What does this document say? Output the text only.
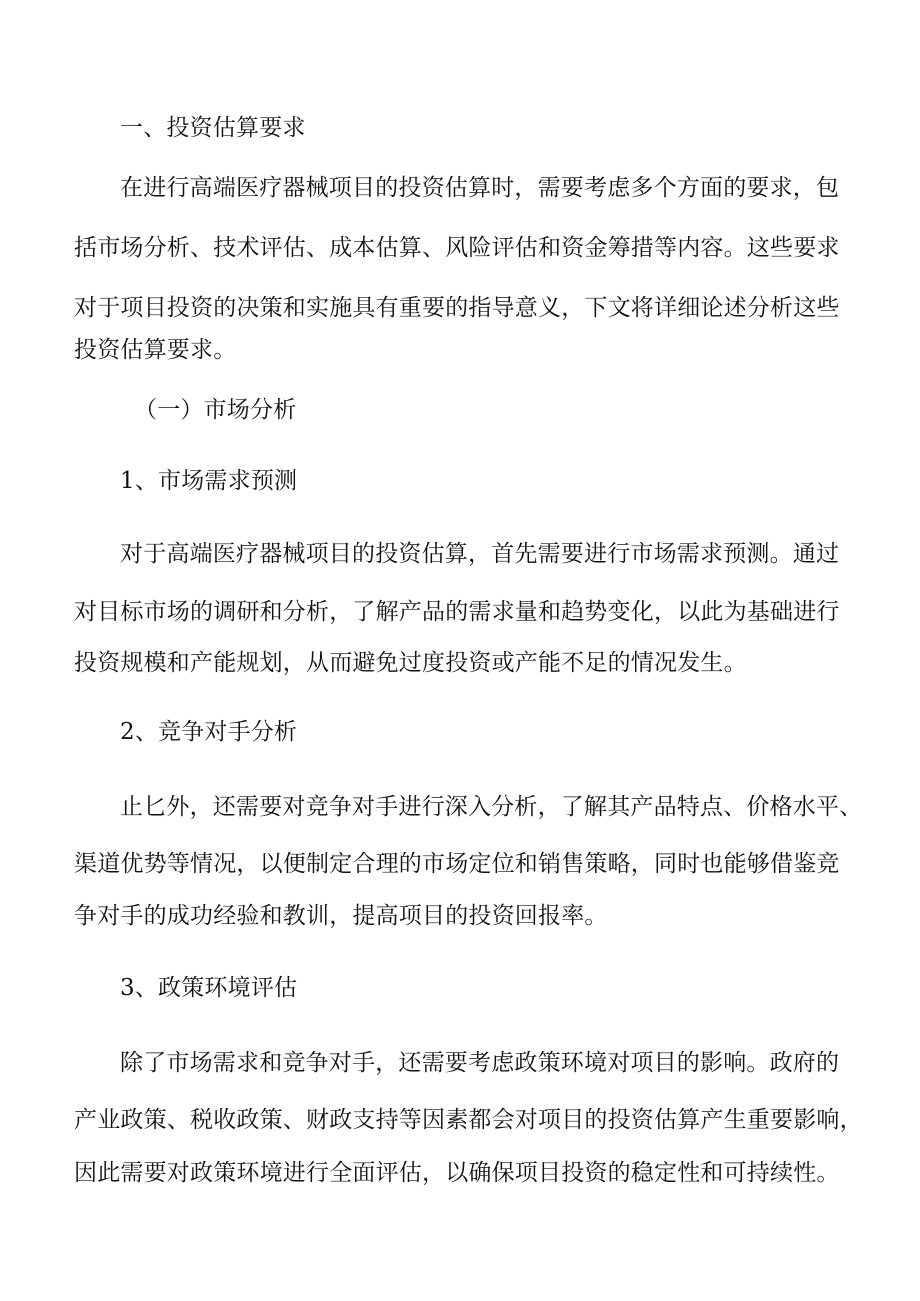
一、投资估算要求
在进行高端医疗器械项目的投资估算时，需要考虑多个方面的要求，包
括市场分析、技术评估、成本估算、风险评估和资金筹措等内容。这些要求
对于项目投资的决策和实施具有重要的指导意义，下文将详细论述分析这些
投资估算要求。
（一）市场分析
1、市场需求预测
对于高端医疗器械项目的投资估算，首先需要进行市场需求预测。通过
对目标市场的调研和分析，了解产品的需求量和趋势变化，以此为基础进行
投资规模和产能规划，从而避免过度投资或产能不足的情况发生。
2、竞争对手分析
止匕外，还需要对竞争对手进行深入分析，了解其产品特点、价格水平、
渠道优势等情况，以便制定合理的市场定位和销售策略，同时也能够借鉴竞
争对手的成功经验和教训，提高项目的投资回报率。
3、政策环境评估
除了市场需求和竞争对手，还需要考虑政策环境对项目的影响。政府的
产业政策、税收政策、财政支持等因素都会对项目的投资估算产生重要影响，
因此需要对政策环境进行全面评估，以确保项目投资的稳定性和可持续性。
